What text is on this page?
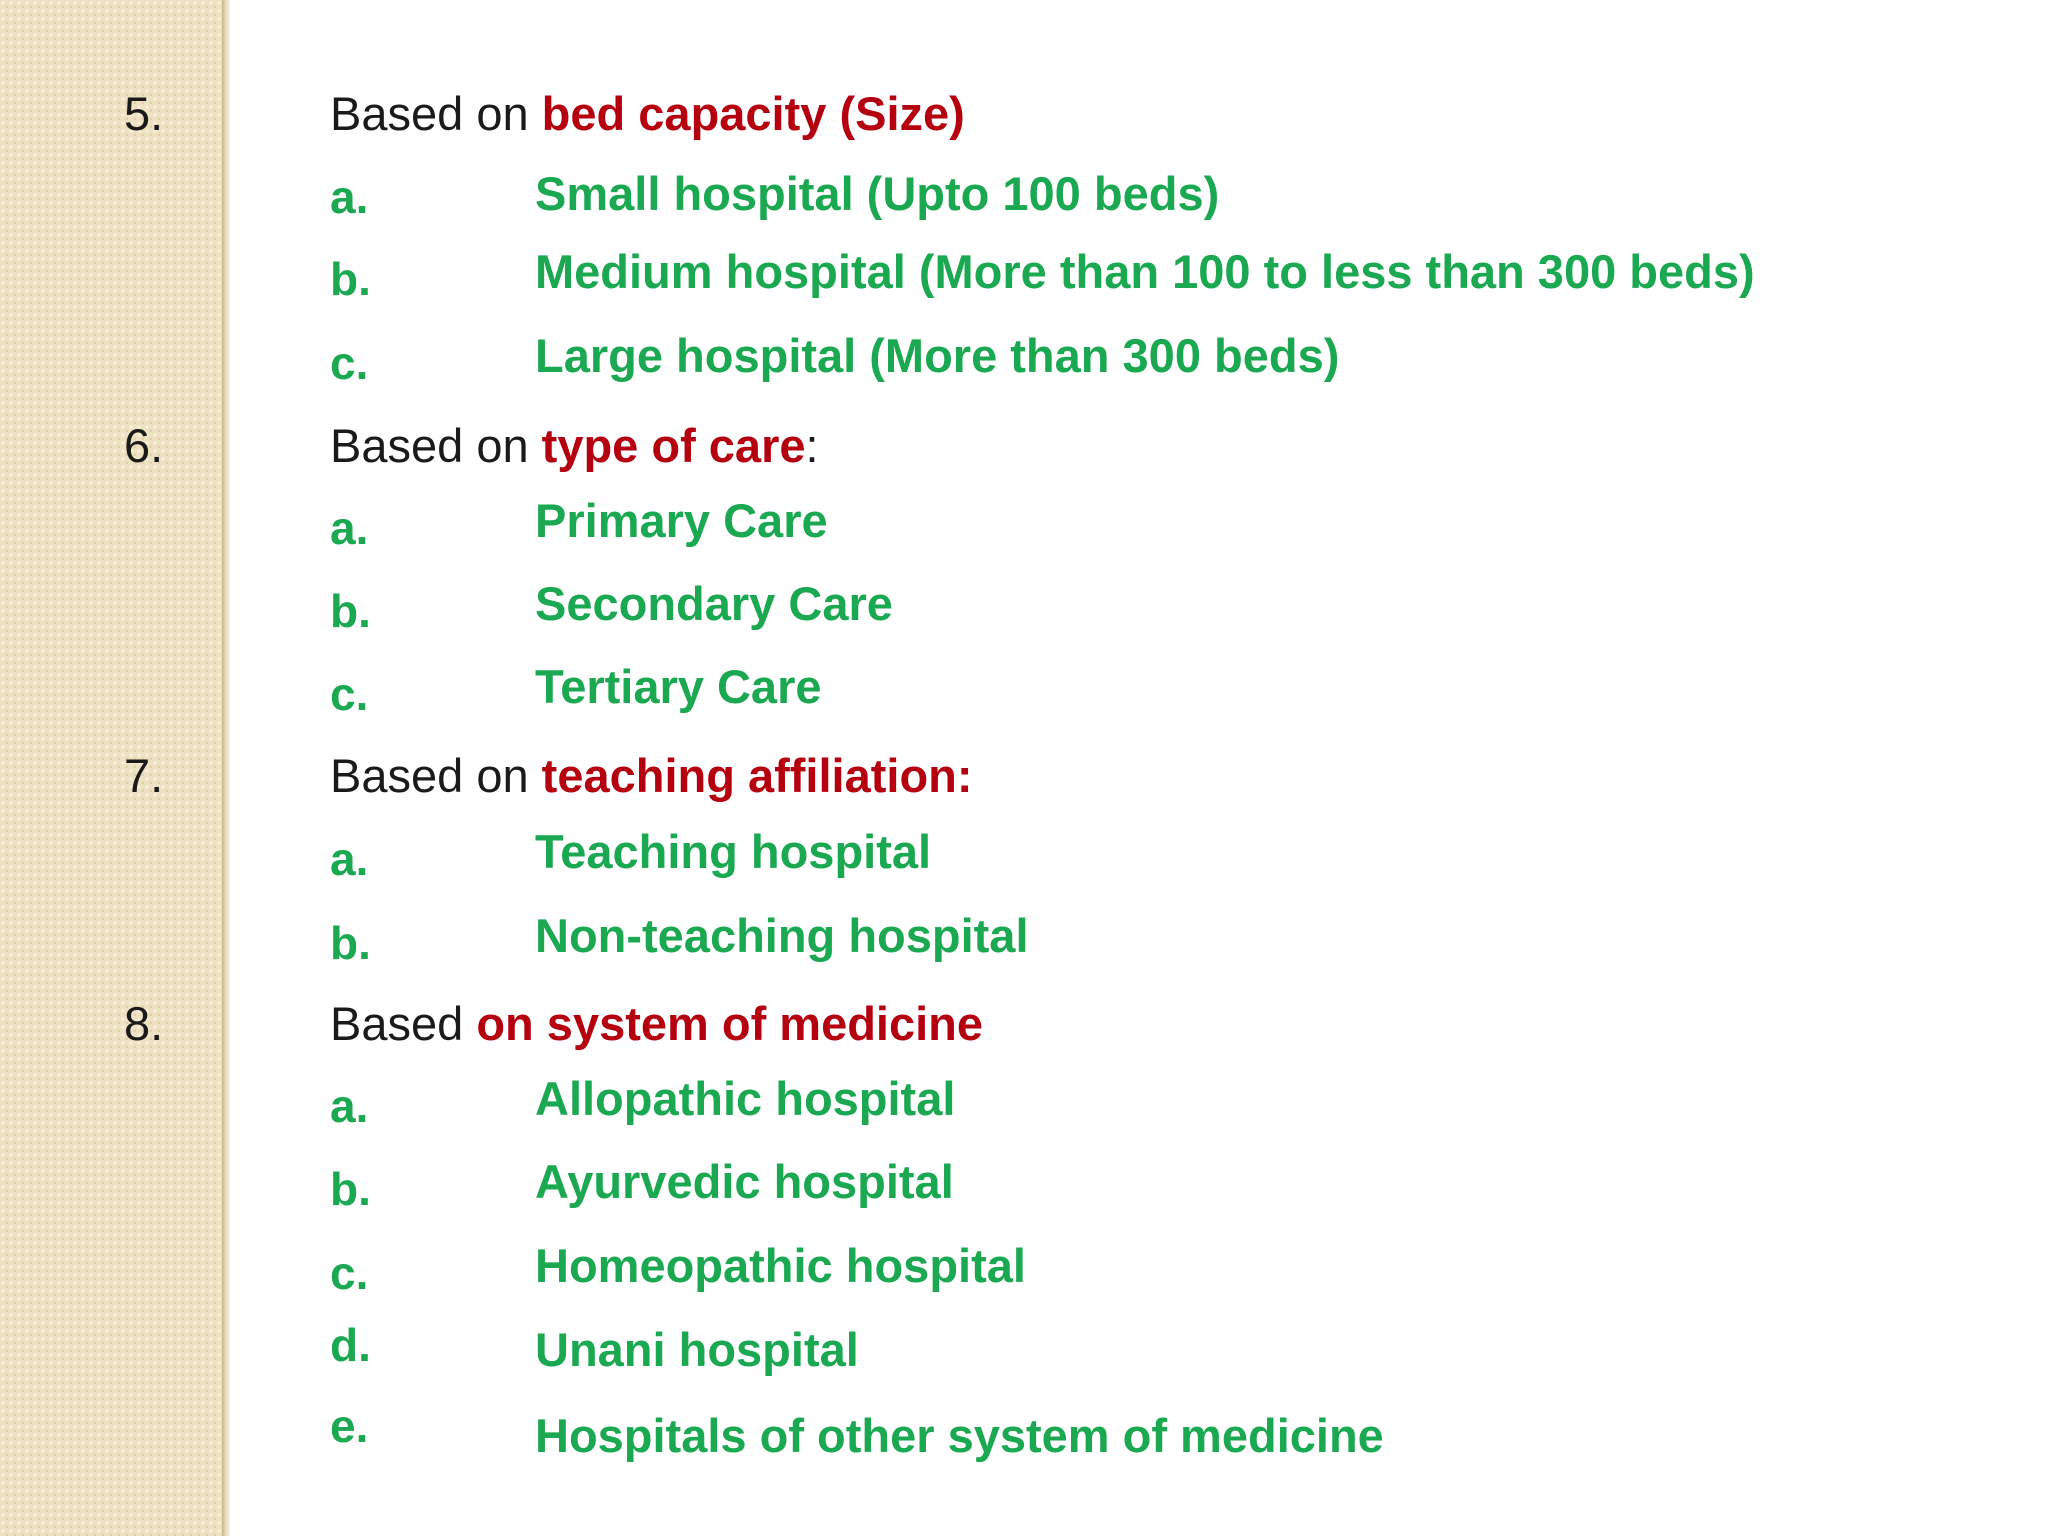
5.	Based on bed capacity (Size)
a.	Small hospital (Upto 100 beds)
b.	Medium hospital (More than 100 to less than 300 beds)
c.	Large hospital (More than 300 beds)
6.	Based on type of care:
a.	Primary Care
b.	Secondary Care
c.	Tertiary Care
7.	Based on teaching affiliation:
a.	Teaching hospital
b.	Non-teaching hospital
8.	Based on system of medicine
a.	Allopathic hospital
b.	Ayurvedic hospital
c.	Homeopathic hospital
d.	Unani hospital
e.	Hospitals of other system of medicine
